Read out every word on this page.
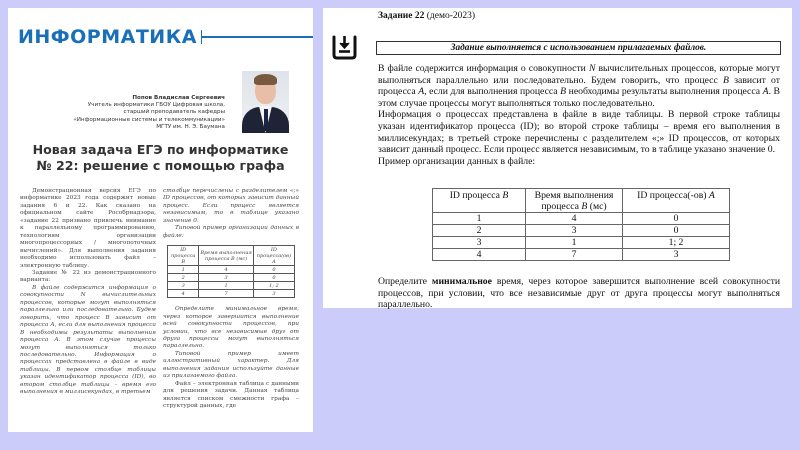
ИНФОРМАТИКА
Попов Владислав Сергеевич
Учитель информатики ГБОУ Цифровая школа,
старший преподаватель кафедры
«Информационные системы и телекоммуникации»
МГТУ им. Н. Э. Баумана
Новая задача ЕГЭ по информатике
№ 22: решение с помощью графа

Демонстрационная версия ЕГЭ по информатике 2023 года содержит новые задания 6 и 22. Как сказано на официальном сайте Рособрнадзора, «задание 22 призвано привлечь внимание к параллельному программированию, технологиям организации многопроцессорных / многопоточных вычислений». Для выполнения задания необходимо использовать файл – электронную таблицу.

Задание № 22 из демонстрационного варианта:

В файле содержится информация о совокупности N вычислительных процессов, которые могут выполняться параллельно или последовательно. Будем говорить, что процесс B зависит от процесса A, если для выполнения процесса B необходимы результаты выполнения процесса A. В этом случае процессы могут выполняться только последовательно. Информация о процессах представлена в файле в виде таблицы. В первом столбце таблицы указан идентификатор процесса (ID), во втором столбце таблицы – время его выполнения в миллисекундах, в третьем

столбце перечислены с разделителем «;» ID процессов, от которых зависит данный процесс. Если процесс является независимым, то в таблице указано значение 0.

Типовой пример организации данных в файле:

ID процесса B	Время выполнения процесса B (мс)	ID процесса(ов) A
1	4	0
2	3	0
3	1	1; 2
4	7	3

Определите минимальное время, через которое завершится выполнение всей совокупности процессов, при условии, что все независимые друг от друга процессы могут выполняться параллельно.

Типовой пример имеет иллюстративный характер. Для выполнения задания используйте данные из прилагаемого файла.

Файл – электронная таблица с данными для решения задачи. Данная таблица является списком смежности графа – структурой данных, где

Задание 22 (демо-2023)
Задание выполняется с использованием прилагаемых файлов.

В файле содержится информация о совокупности N вычислительных процессов, которые могут выполняться параллельно или последовательно. Будем говорить, что процесс B зависит от процесса A, если для выполнения процесса B необходимы результаты выполнения процесса A. В этом случае процессы могут выполняться только последовательно.

Информация о процессах представлена в файле в виде таблицы. В первой строке таблицы указан идентификатор процесса (ID); во второй строке таблицы – время его выполнения в миллисекундах; в третьей строке перечислены с разделителем «;» ID процессов, от которых зависит данный процесс. Если процесс является независимым, то в таблице указано значение 0.

Пример организации данных в файле:

ID процесса B	Время выполнения процесса B (мс)	ID процесса(-ов) A
1	4	0
2	3	0
3	1	1; 2
4	7	3
Определите минимальное время, через которое завершится выполнение всей совокупности процессов, при условии, что все независимые друг от друга процессы могут выполняться параллельно.
